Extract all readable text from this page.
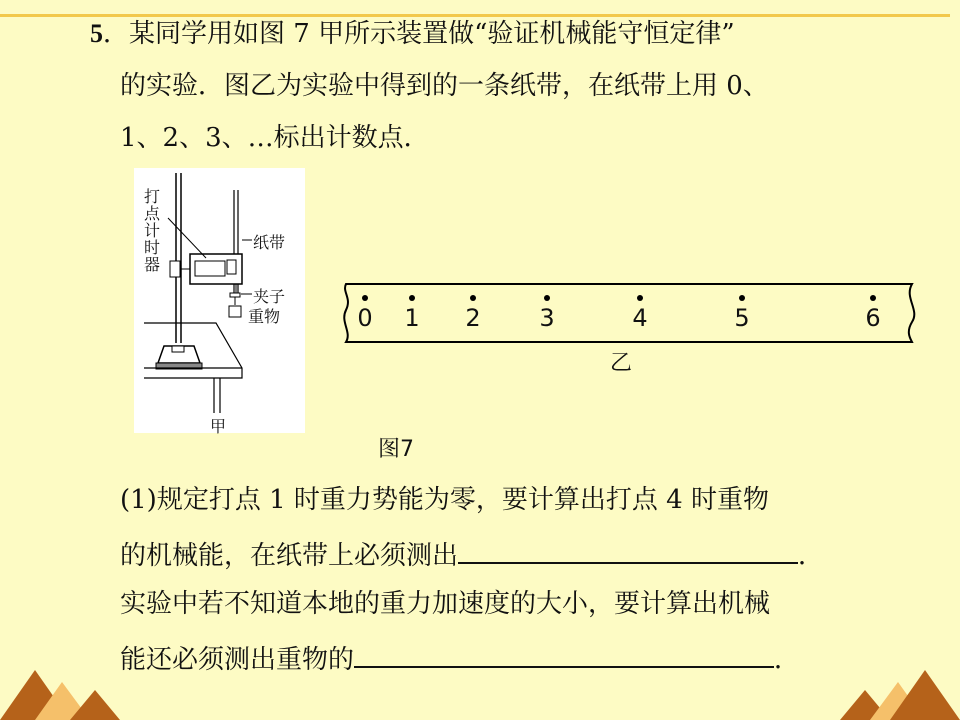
5．某同学用如图 7 甲所示装置做“验证机械能守恒定律”
的实验．图乙为实验中得到的一条纸带，在纸带上用 0、
1、2、3、…标出计数点．
打
点
计
时
器
纸带
夹子
重物
甲
0 1 2 3	4	5	6
乙
图7
(1)规定打点 1 时重力势能为零，要计算出打点 4 时重物
的机械能，在纸带上必须测出	．
实验中若不知道本地的重力加速度的大小，要计算出机械
能还必须测出重物的	．
